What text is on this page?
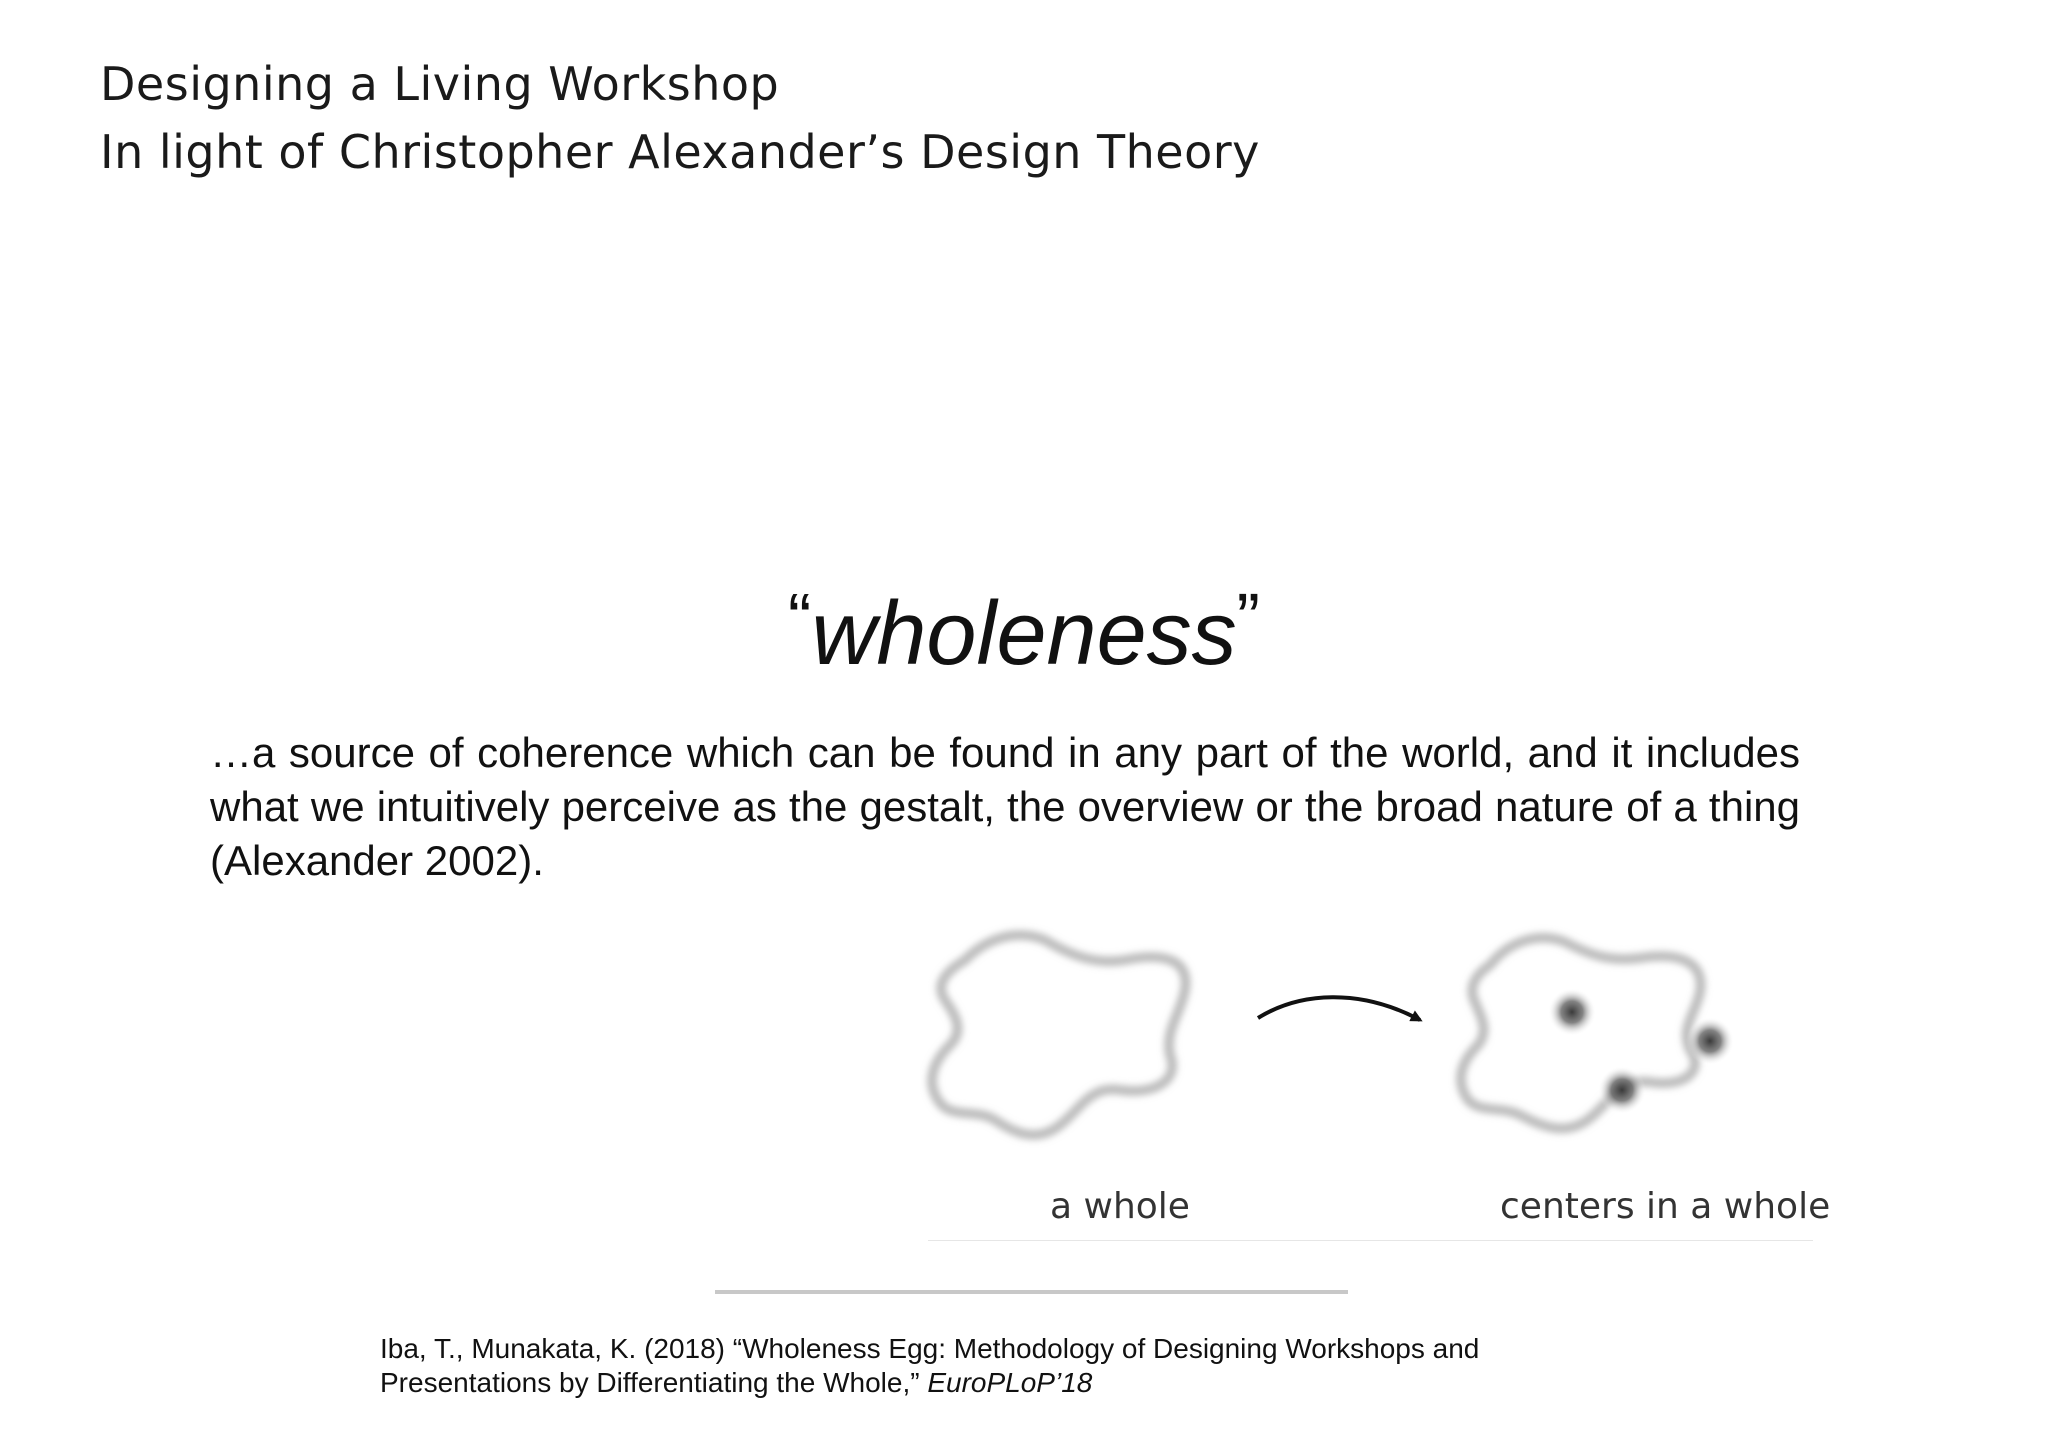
Designing a Living Workshop
In light of Christopher Alexander’s Design Theory
“wholeness”
…a source of coherence which can be found in any part of the world, and it includes what we intuitively perceive as the gestalt, the overview or the broad nature of a thing (Alexander 2002).
a whole	centers in a whole
Iba, T., Munakata, K. (2018) “Wholeness Egg: Methodology of Designing Workshops and
Presentations by Differentiating the Whole,” EuroPLoP’18
